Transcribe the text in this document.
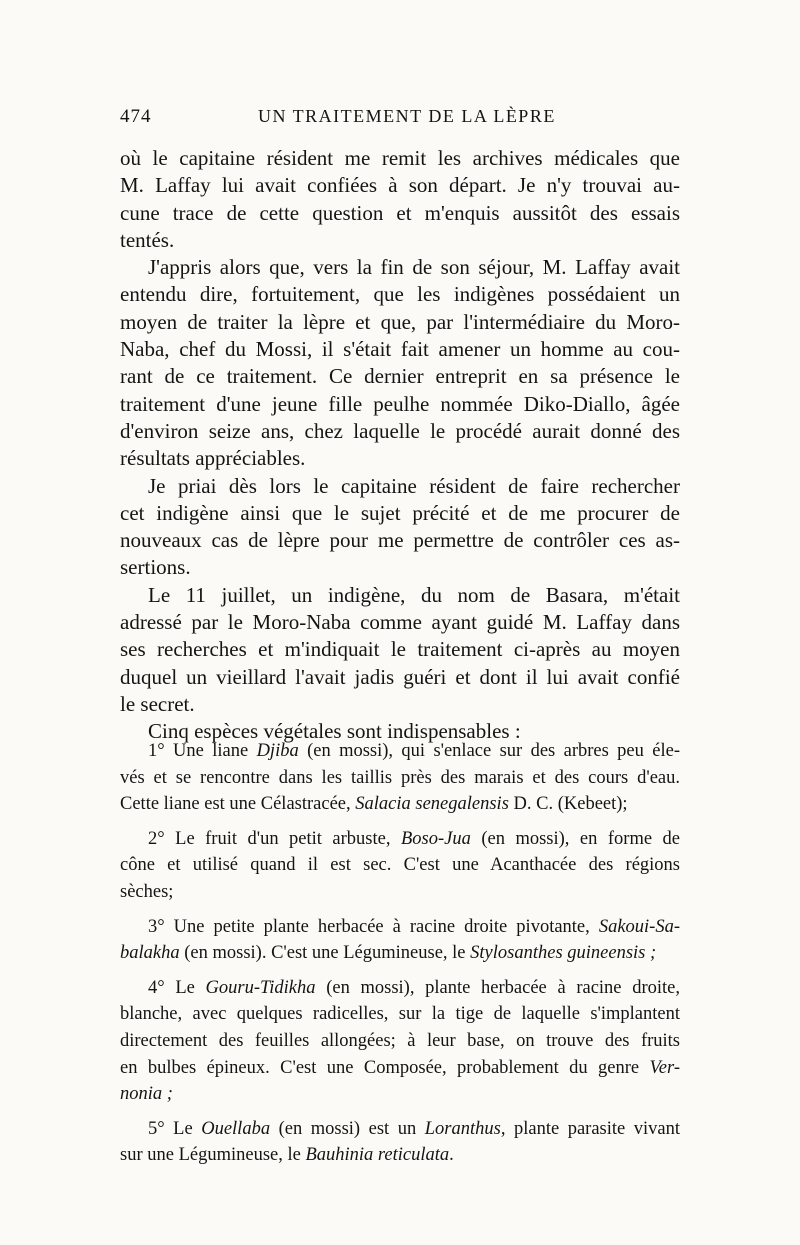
474	UN TRAITEMENT DE LA LÈPRE

où le capitaine résident me remit les archives médicales que

M. Laffay lui avait confiées à son départ. Je n'y trouvai au-

cune trace de cette question et m'enquis aussitôt des essais

tentés.

J'appris alors que, vers la fin de son séjour, M. Laffay avait

entendu dire, fortuitement, que les indigènes possédaient un

moyen de traiter la lèpre et que, par l'intermédiaire du Moro-

Naba, chef du Mossi, il s'était fait amener un homme au cou-

rant de ce traitement. Ce dernier entreprit en sa présence le

traitement d'une jeune fille peulhe nommée Diko-Diallo, âgée

d'environ seize ans, chez laquelle le procédé aurait donné des

résultats appréciables.

Je priai dès lors le capitaine résident de faire rechercher

cet indigène ainsi que le sujet précité et de me procurer de

nouveaux cas de lèpre pour me permettre de contrôler ces as-

sertions.

Le 11 juillet, un indigène, du nom de Basara, m'était

adressé par le Moro-Naba comme ayant guidé M. Laffay dans

ses recherches et m'indiquait le traitement ci-après au moyen

duquel un vieillard l'avait jadis guéri et dont il lui avait confié

le secret.

Cinq espèces végétales sont indispensables :

1° Une liane Djiba (en mossi), qui s'enlace sur des arbres peu éle-

vés et se rencontre dans les taillis près des marais et des cours d'eau.

Cette liane est une Célastracée, Salacia senegalensis D. C. (Kebeet);

2° Le fruit d'un petit arbuste, Boso-Jua (en mossi), en forme de

cône et utilisé quand il est sec. C'est une Acanthacée des régions

sèches;

3° Une petite plante herbacée à racine droite pivotante, Sakoui-Sa-

balakha (en mossi). C'est une Légumineuse, le Stylosanthes guineensis ;

4° Le Gouru-Tidikha (en mossi), plante herbacée à racine droite,

blanche, avec quelques radicelles, sur la tige de laquelle s'implantent

directement des feuilles allongées; à leur base, on trouve des fruits

en bulbes épineux. C'est une Composée, probablement du genre Ver-

nonia ;

5° Le Ouellaba (en mossi) est un Loranthus, plante parasite vivant

sur une Légumineuse, le Bauhinia reticulata.
